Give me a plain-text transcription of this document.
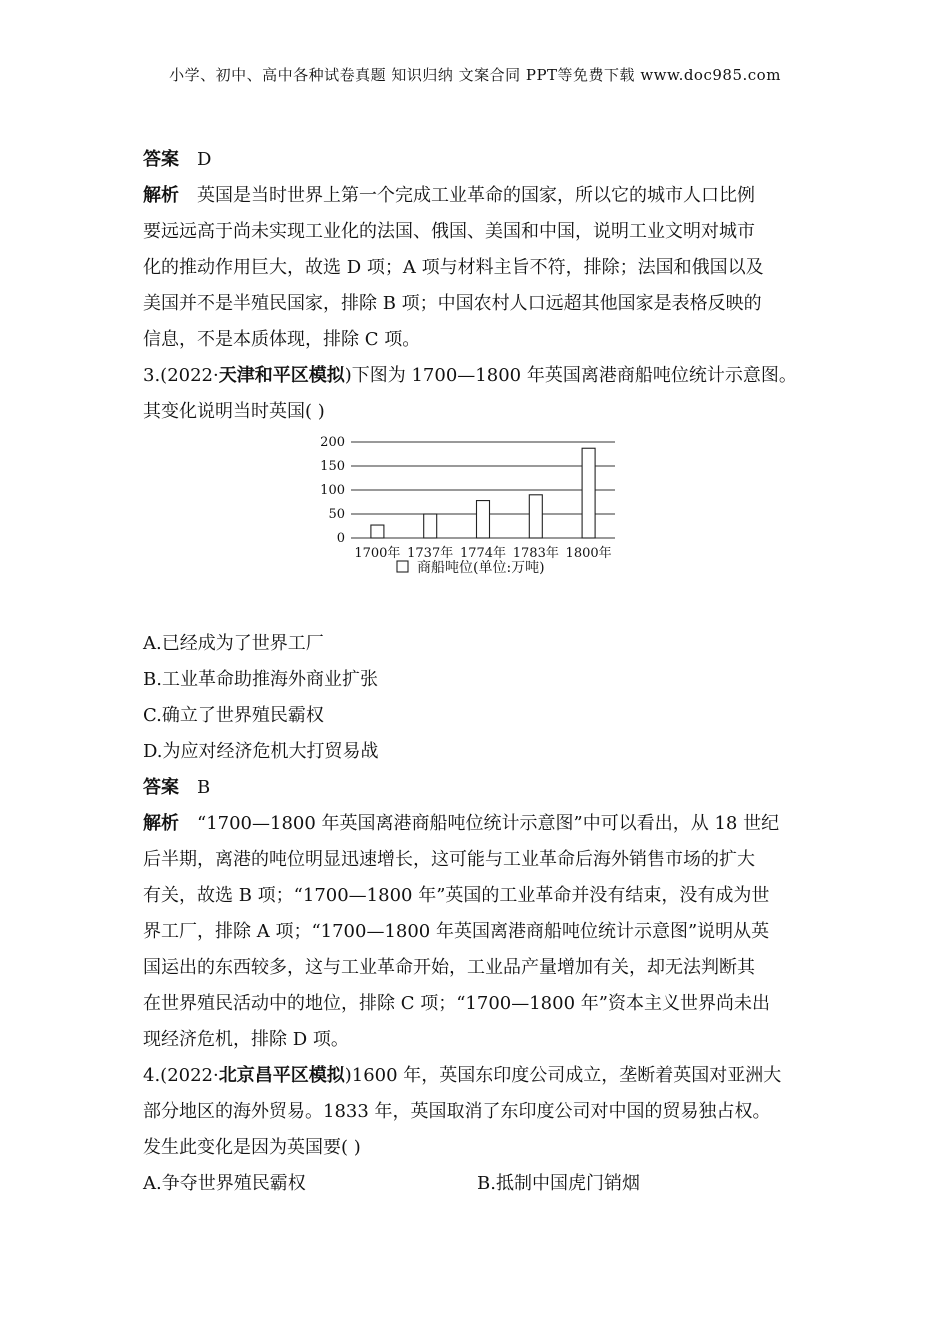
小学、初中、高中各种试卷真题 知识归纳 文案合同 PPT等免费下载 www.doc985.com
答案 D
解析 英国是当时世界上第一个完成工业革命的国家，所以它的城市人口比例
要远远高于尚未实现工业化的法国、俄国、美国和中国，说明工业文明对城市
化的推动作用巨大，故选 D 项；A 项与材料主旨不符，排除；法国和俄国以及
美国并不是半殖民国家，排除 B 项；中国农村人口远超其他国家是表格反映的
信息，不是本质体现，排除 C 项。
3.(2022·天津和平区模拟)下图为 1700—1800 年英国离港商船吨位统计示意图。
其变化说明当时英国( )
0
50
100
150
200
1700年 1737年 1774年 1783年 1800年
商船吨位(单位:万吨)
A.已经成为了世界工厂
B.工业革命助推海外商业扩张
C.确立了世界殖民霸权
D.为应对经济危机大打贸易战
答案 B
解析 “1700—1800 年英国离港商船吨位统计示意图”中可以看出，从 18 世纪
后半期，离港的吨位明显迅速增长，这可能与工业革命后海外销售市场的扩大
有关，故选 B 项；“1700—1800 年”英国的工业革命并没有结束，没有成为世
界工厂，排除 A 项；“1700—1800 年英国离港商船吨位统计示意图”说明从英
国运出的东西较多，这与工业革命开始，工业品产量增加有关，却无法判断其
在世界殖民活动中的地位，排除 C 项；“1700—1800 年”资本主义世界尚未出
现经济危机，排除 D 项。
4.(2022·北京昌平区模拟)1600 年，英国东印度公司成立，垄断着英国对亚洲大
部分地区的海外贸易。1833 年，英国取消了东印度公司对中国的贸易独占权。
发生此变化是因为英国要( )
A.争夺世界殖民霸权	B.抵制中国虎门销烟
